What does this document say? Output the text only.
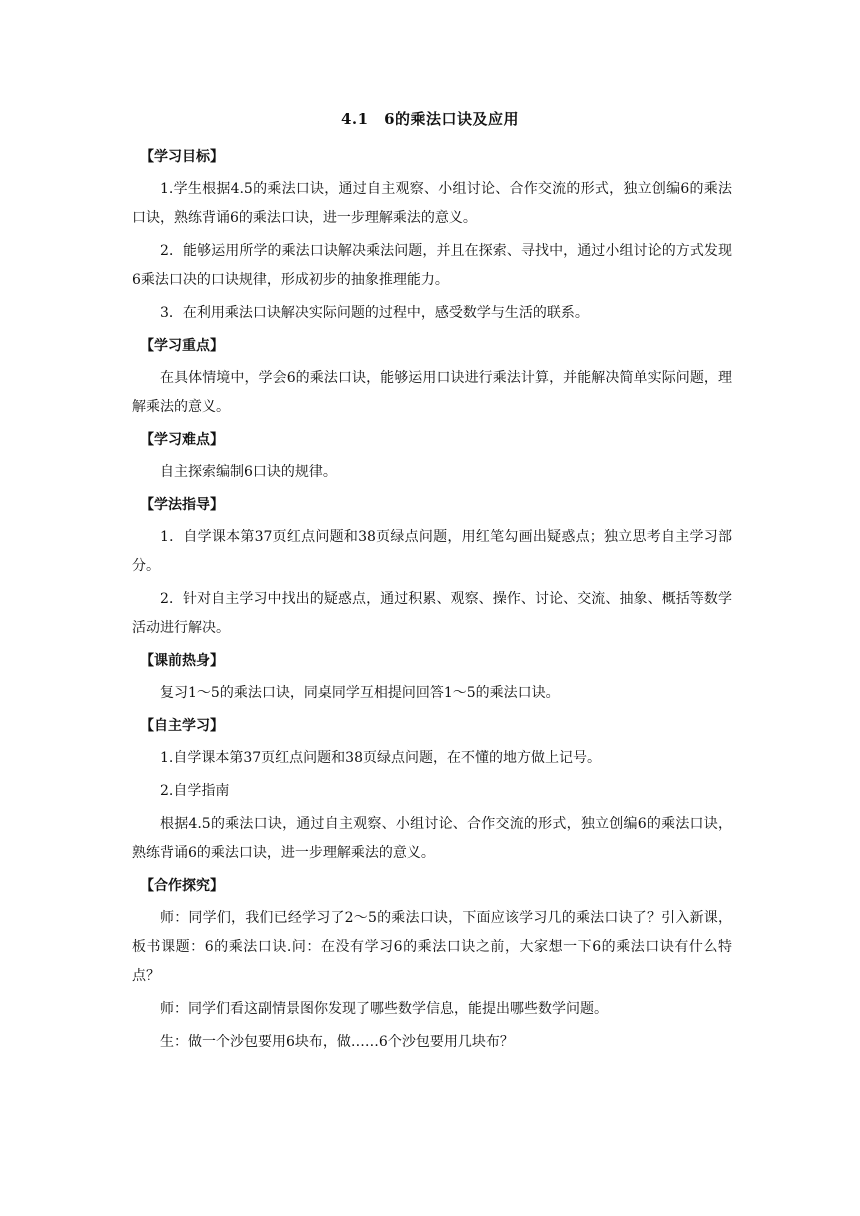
4.1　6的乘法口诀及应用
【学习目标】

1.学生根据4.5的乘法口诀，通过自主观察、小组讨论、合作交流的形式，独立创编6的乘法口诀，熟练背诵6的乘法口诀，进一步理解乘法的意义。

2．能够运用所学的乘法口诀解决乘法问题，并且在探索、寻找中，通过小组讨论的方式发现6乘法口决的口诀规律，形成初步的抽象推理能力。

3．在利用乘法口诀解决实际问题的过程中，感受数学与生活的联系。

【学习重点】

在具体情境中，学会6的乘法口诀，能够运用口诀进行乘法计算，并能解决简单实际问题，理解乘法的意义。

【学习难点】

自主探索编制6口诀的规律。

【学法指导】

1．自学课本第37页红点问题和38页绿点问题，用红笔勾画出疑惑点；独立思考自主学习部分。

2．针对自主学习中找出的疑惑点，通过积累、观察、操作、讨论、交流、抽象、概括等数学活动进行解决。

【课前热身】

复习1～5的乘法口诀，同桌同学互相提问回答1～5的乘法口诀。

【自主学习】

1.自学课本第37页红点问题和38页绿点问题，在不懂的地方做上记号。

2.自学指南

根据4.5的乘法口诀，通过自主观察、小组讨论、合作交流的形式，独立创编6的乘法口诀，熟练背诵6的乘法口诀，进一步理解乘法的意义。

【合作探究】

师：同学们，我们已经学习了2～5的乘法口诀，下面应该学习几的乘法口诀了？引入新课，板书课题：6的乘法口诀.问：在没有学习6的乘法口诀之前，大家想一下6的乘法口诀有什么特点？

师：同学们看这副情景图你发现了哪些数学信息，能提出哪些数学问题。

生：做一个沙包要用6块布，做……6个沙包要用几块布？
